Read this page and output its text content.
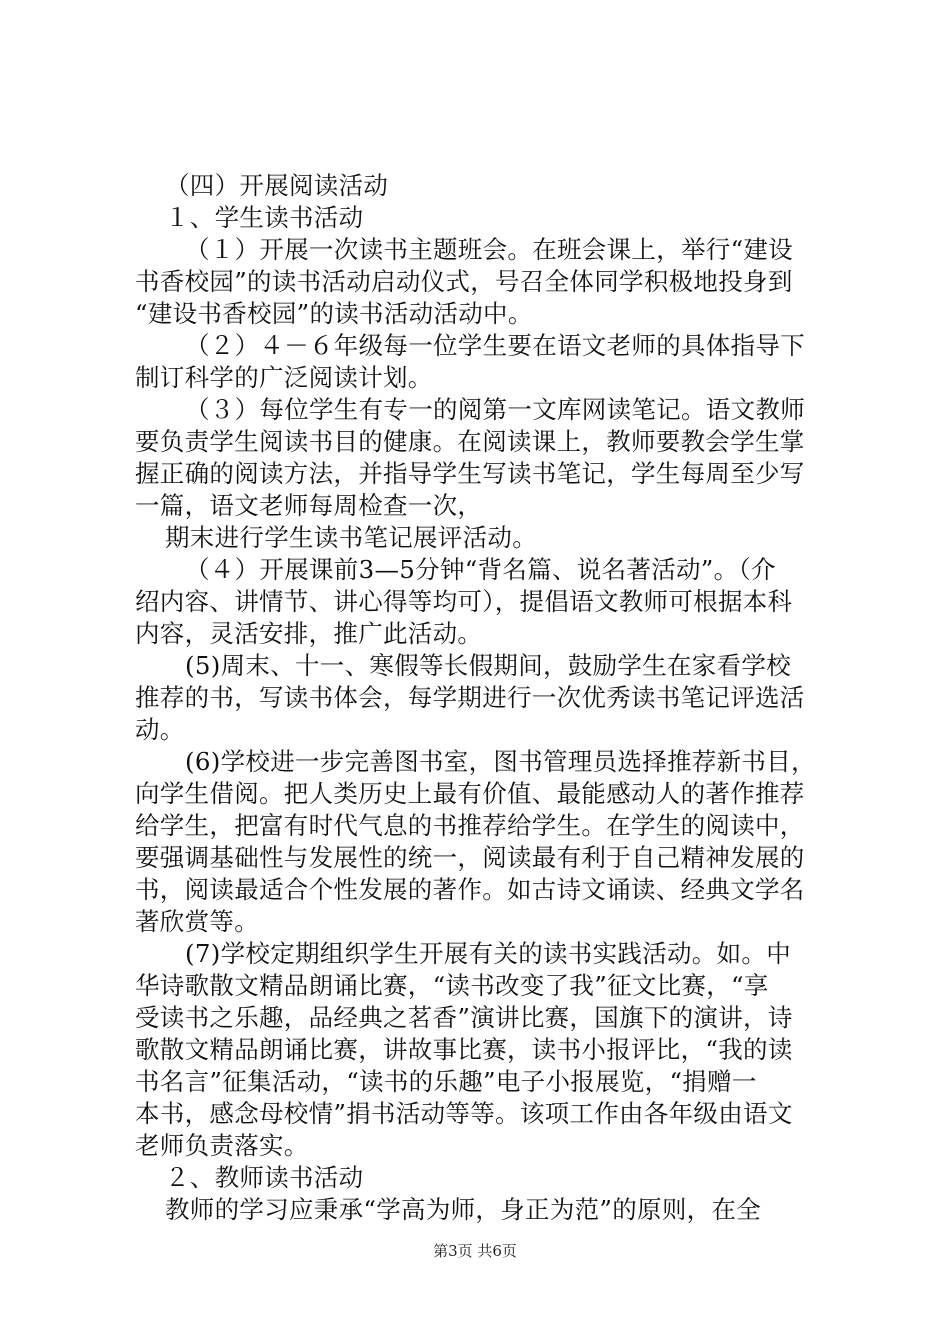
（四）开展阅读活动
１、学生读书活动
（１）开展一次读书主题班会。在班会课上，举行“建设
书香校园”的读书活动启动仪式，号召全体同学积极地投身到
“建设书香校园”的读书活动活动中。
（２）４－６年级每一位学生要在语文老师的具体指导下
制订科学的广泛阅读计划。
（３）每位学生有专一的阅第一文库网读笔记。语文教师
要负责学生阅读书目的健康。在阅读课上，教师要教会学生掌
握正确的阅读方法，并指导学生写读书笔记，学生每周至少写
一篇，语文老师每周检查一次，
期末进行学生读书笔记展评活动。
（４）开展课前3—5分钟“背名篇、说名著活动”。（介
绍内容、讲情节、讲心得等均可），提倡语文教师可根据本科
内容，灵活安排，推广此活动。
(5)周末、十一、寒假等长假期间，鼓励学生在家看学校
推荐的书，写读书体会，每学期进行一次优秀读书笔记评选活
动。
(6)学校进一步完善图书室，图书管理员选择推荐新书目，
向学生借阅。把人类历史上最有价值、最能感动人的著作推荐
给学生，把富有时代气息的书推荐给学生。在学生的阅读中，
要强调基础性与发展性的统一，阅读最有利于自己精神发展的
书，阅读最适合个性发展的著作。如古诗文诵读、经典文学名
著欣赏等。
(7)学校定期组织学生开展有关的读书实践活动。如。中
华诗歌散文精品朗诵比赛，“读书改变了我”征文比赛，“享
受读书之乐趣，品经典之茗香”演讲比赛，国旗下的演讲，诗
歌散文精品朗诵比赛，讲故事比赛，读书小报评比，“我的读
书名言”征集活动，“读书的乐趣”电子小报展览，“捐赠一
本书，感念母校情”捐书活动等等。该项工作由各年级由语文
老师负责落实。
２、教师读书活动
教师的学习应秉承“学高为师，身正为范”的原则，在全
第3页 共6页
